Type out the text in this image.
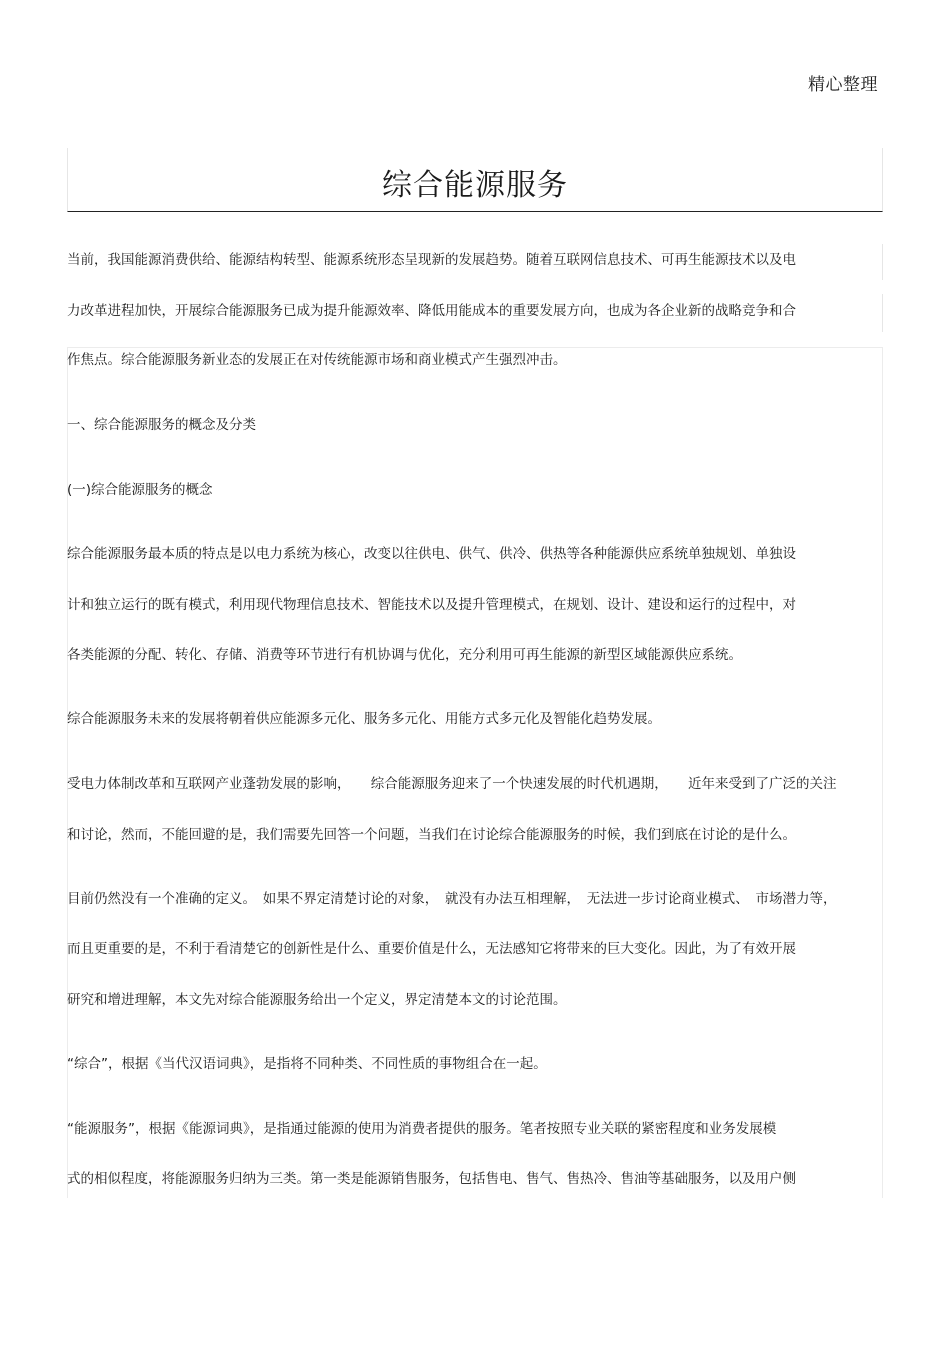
精心整理
综合能源服务
当前，我国能源消费供给、能源结构转型、能源系统形态呈现新的发展趋势。随着互联网信息技术、可再生能源技术以及电
力改革进程加快，开展综合能源服务已成为提升能源效率、降低用能成本的重要发展方向，也成为各企业新的战略竞争和合
作焦点。综合能源服务新业态的发展正在对传统能源市场和商业模式产生强烈冲击。
一、综合能源服务的概念及分类
(一)综合能源服务的概念
综合能源服务最本质的特点是以电力系统为核心，改变以往供电、供气、供冷、供热等各种能源供应系统单独规划、单独设
计和独立运行的既有模式，利用现代物理信息技术、智能技术以及提升管理模式，在规划、设计、建设和运行的过程中，对
各类能源的分配、转化、存储、消费等环节进行有机协调与优化，充分利用可再生能源的新型区域能源供应系统。
综合能源服务未来的发展将朝着供应能源多元化、服务多元化、用能方式多元化及智能化趋势发展。
受电力体制改革和互联网产业蓬勃发展的影响，　　综合能源服务迎来了一个快速发展的时代机遇期，　　近年来受到了广泛的关注
和讨论，然而，不能回避的是，我们需要先回答一个问题，当我们在讨论综合能源服务的时候，我们到底在讨论的是什么。
目前仍然没有一个准确的定义。　如果不界定清楚讨论的对象，　就没有办法互相理解，　无法进一步讨论商业模式、　市场潜力等，
而且更重要的是，不利于看清楚它的创新性是什么、重要价值是什么，无法感知它将带来的巨大变化。因此，为了有效开展
研究和增进理解，本文先对综合能源服务给出一个定义，界定清楚本文的讨论范围。
“综合”，根据《当代汉语词典》，是指将不同种类、不同性质的事物组合在一起。
“能源服务”，根据《能源词典》，是指通过能源的使用为消费者提供的服务。笔者按照专业关联的紧密程度和业务发展模
式的相似程度，将能源服务归纳为三类。第一类是能源销售服务，包括售电、售气、售热冷、售油等基础服务，以及用户侧
